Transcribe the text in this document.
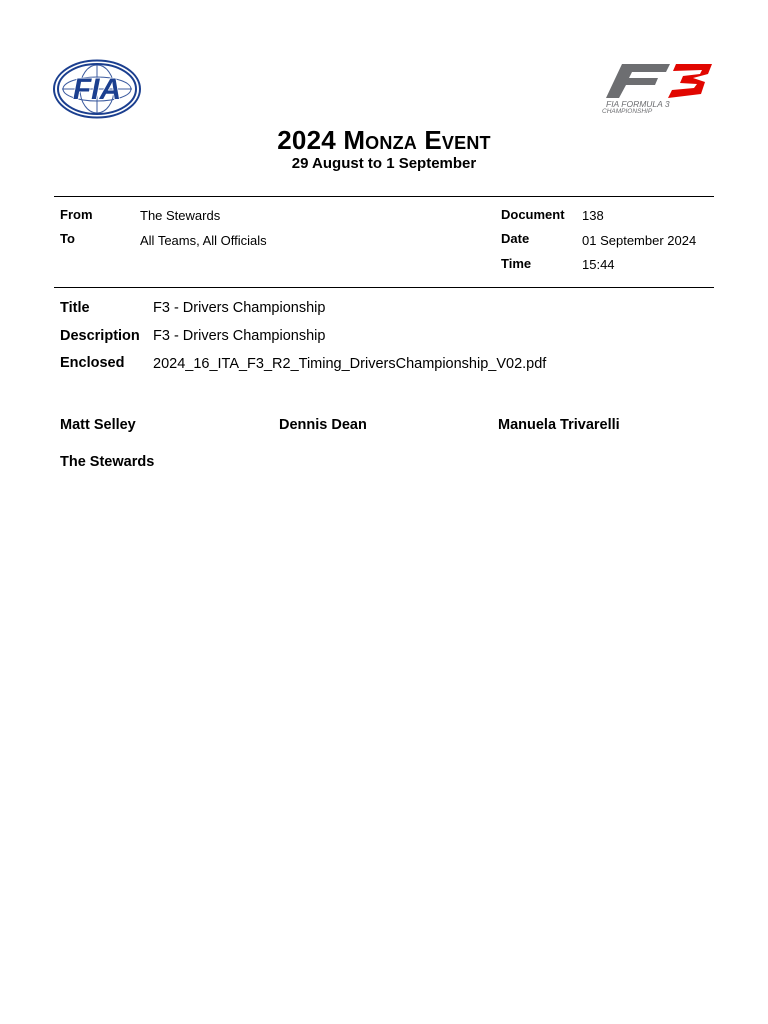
FIA	FIA FORMULA 3
CHAMPIONSHIP
2024 Monza Event
29 August to 1 September
From	The Stewards
To	All Teams, All Officials
Document 138
Date	01 September 2024
Time	15:44
Title	F3 - Drivers Championship
Description F3 - Drivers Championship
Enclosed 2024_16_ITA_F3_R2_Timing_DriversChampionship_V02.pdf
Matt Selley	Dennis Dean	Manuela Trivarelli
The Stewards
